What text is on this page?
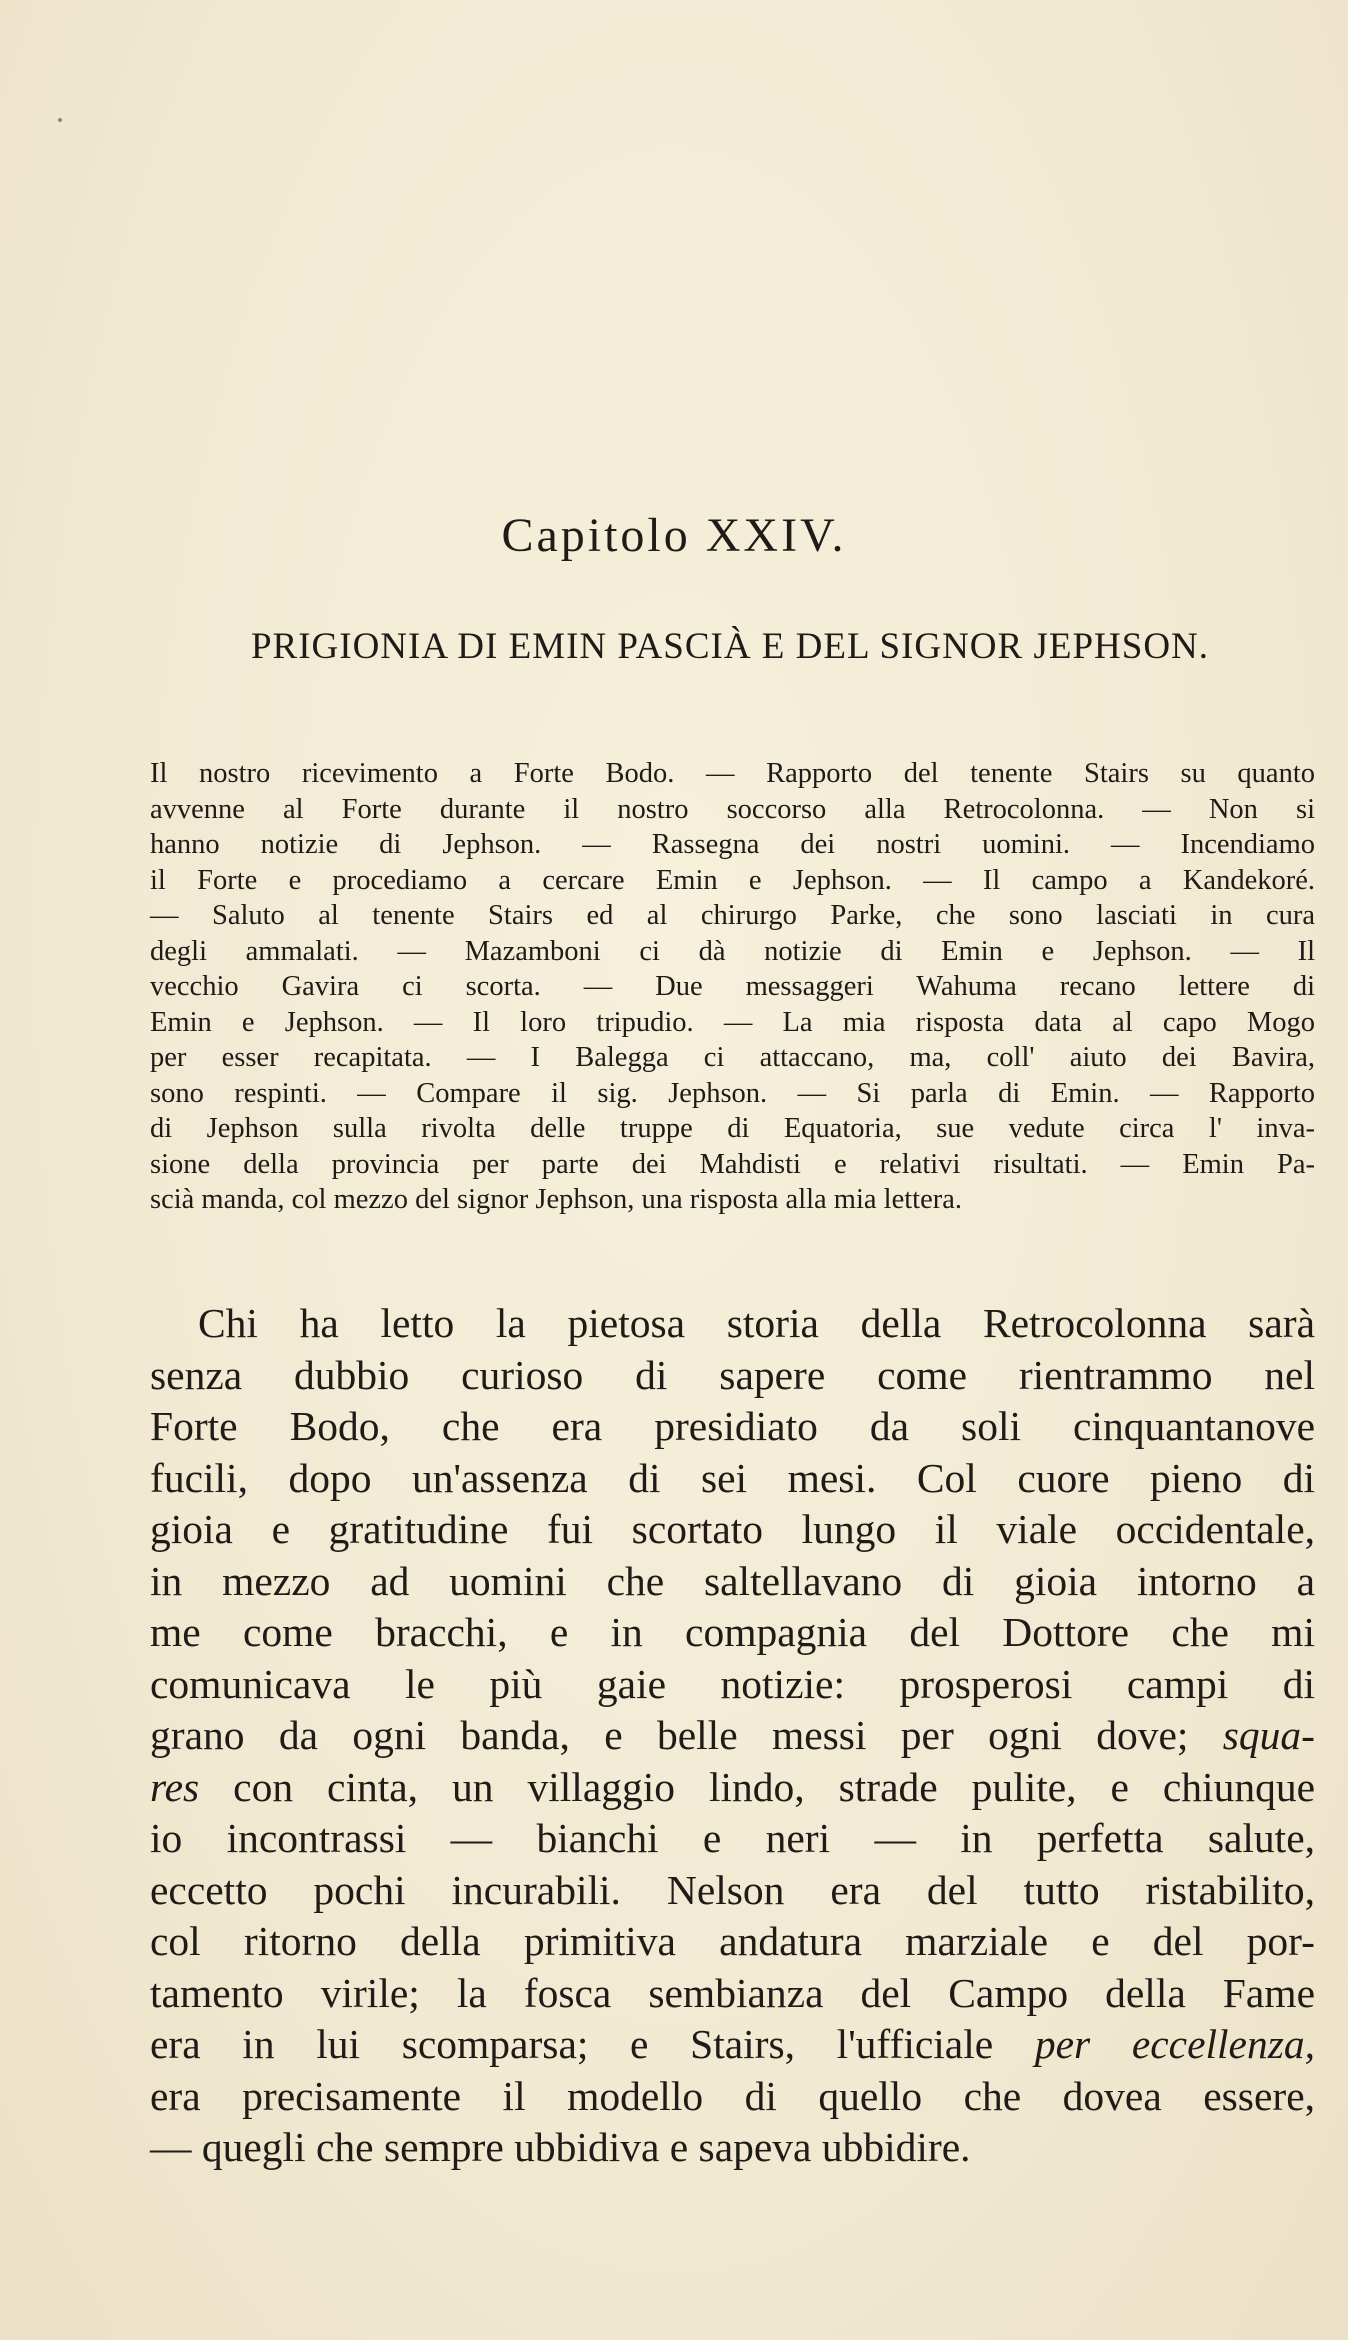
Capitolo XXIV.
PRIGIONIA DI EMIN PASCIÀ E DEL SIGNOR JEPHSON.
Il nostro ricevimento a Forte Bodo. — Rapporto del tenente Stairs su quanto
avvenne al Forte durante il nostro soccorso alla Retrocolonna. — Non si
hanno notizie di Jephson. — Rassegna dei nostri uomini. — Incendiamo
il Forte e procediamo a cercare Emin e Jephson. — Il campo a Kandekoré.
— Saluto al tenente Stairs ed al chirurgo Parke, che sono lasciati in cura
degli ammalati. — Mazamboni ci dà notizie di Emin e Jephson. — Il
vecchio Gavira ci scorta. — Due messaggeri Wahuma recano lettere di
Emin e Jephson. — Il loro tripudio. — La mia risposta data al capo Mogo
per esser recapitata. — I Balegga ci attaccano, ma, coll' aiuto dei Bavira,
sono respinti. — Compare il sig. Jephson. — Si parla di Emin. — Rapporto
di Jephson sulla rivolta delle truppe di Equatoria, sue vedute circa l' inva-
sione della provincia per parte dei Mahdisti e relativi risultati. — Emin Pa-
scià manda, col mezzo del signor Jephson, una risposta alla mia lettera.
Chi ha letto la pietosa storia della Retrocolonna sarà
senza dubbio curioso di sapere come rientrammo nel
Forte Bodo, che era presidiato da soli cinquantanove
fucili, dopo un'assenza di sei mesi. Col cuore pieno di
gioia e gratitudine fui scortato lungo il viale occidentale,
in mezzo ad uomini che saltellavano di gioia intorno a
me come bracchi, e in compagnia del Dottore che mi
comunicava le più gaie notizie: prosperosi campi di
grano da ogni banda, e belle messi per ogni dove; squa-
res con cinta, un villaggio lindo, strade pulite, e chiunque
io incontrassi — bianchi e neri — in perfetta salute,
eccetto pochi incurabili. Nelson era del tutto ristabilito,
col ritorno della primitiva andatura marziale e del por-
tamento virile; la fosca sembianza del Campo della Fame
era in lui scomparsa; e Stairs, l'ufficiale per eccellenza,
era precisamente il modello di quello che dovea essere,
— quegli che sempre ubbidiva e sapeva ubbidire.
